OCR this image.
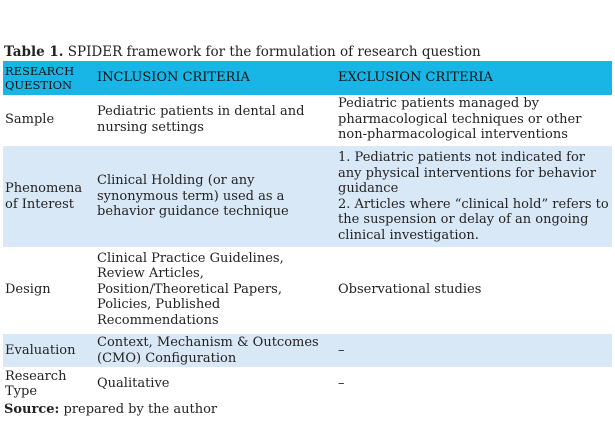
Table 1. SPIDER framework for the formulation of research question
RESEARCH QUESTION	INCLUSION CRITERIA	EXCLUSION CRITERIA
Sample	Pediatric patients in dental and nursing settings	Pediatric patients managed by pharmacological techniques or other non-pharmacological interventions
Phenomena of Interest	Clinical Holding (or any synonymous term) used as a behavior guidance technique	1. Pediatric patients not indicated for any physical interventions for behavior guidance
2. Articles where “clinical hold” refers to the suspension or delay of an ongoing clinical investigation.

Design	Clinical Practice Guidelines, Review Articles, Position/Theoretical Papers, Policies, Published Recommendations	Observational studies
Evaluation	Context, Mechanism & Outcomes (CMO) Configuration	–
Research Type	Qualitative	–
Source: prepared by the author
